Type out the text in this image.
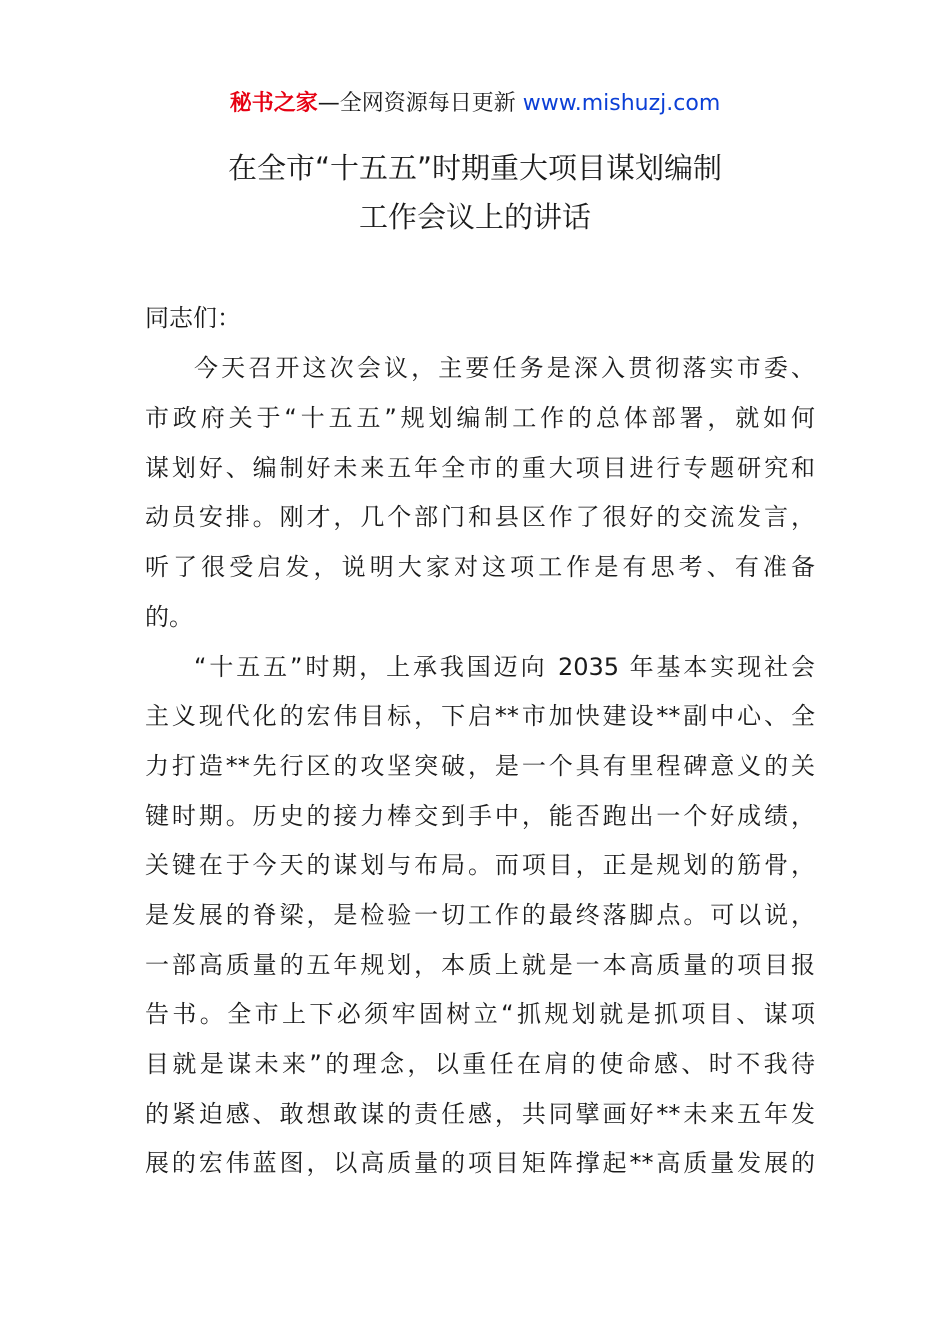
秘书之家—全网资源每日更新 www.mishuzj.com
在全市“十五五”时期重大项目谋划编制
工作会议上的讲话
同志们：
今天召开这次会议，主要任务是深入贯彻落实市委、
市政府关于“十五五”规划编制工作的总体部署，就如何
谋划好、编制好未来五年全市的重大项目进行专题研究和
动员安排。刚才，几个部门和县区作了很好的交流发言，
听了很受启发，说明大家对这项工作是有思考、有准备
的。
“十五五”时期，上承我国迈向 2035 年基本实现社会
主义现代化的宏伟目标，下启**市加快建设**副中心、全
力打造**先行区的攻坚突破，是一个具有里程碑意义的关
键时期。历史的接力棒交到手中，能否跑出一个好成绩，
关键在于今天的谋划与布局。而项目，正是规划的筋骨，
是发展的脊梁，是检验一切工作的最终落脚点。可以说，
一部高质量的五年规划，本质上就是一本高质量的项目报
告书。全市上下必须牢固树立“抓规划就是抓项目、谋项
目就是谋未来”的理念，以重任在肩的使命感、时不我待
的紧迫感、敢想敢谋的责任感，共同擘画好**未来五年发
展的宏伟蓝图，以高质量的项目矩阵撑起**高质量发展的
